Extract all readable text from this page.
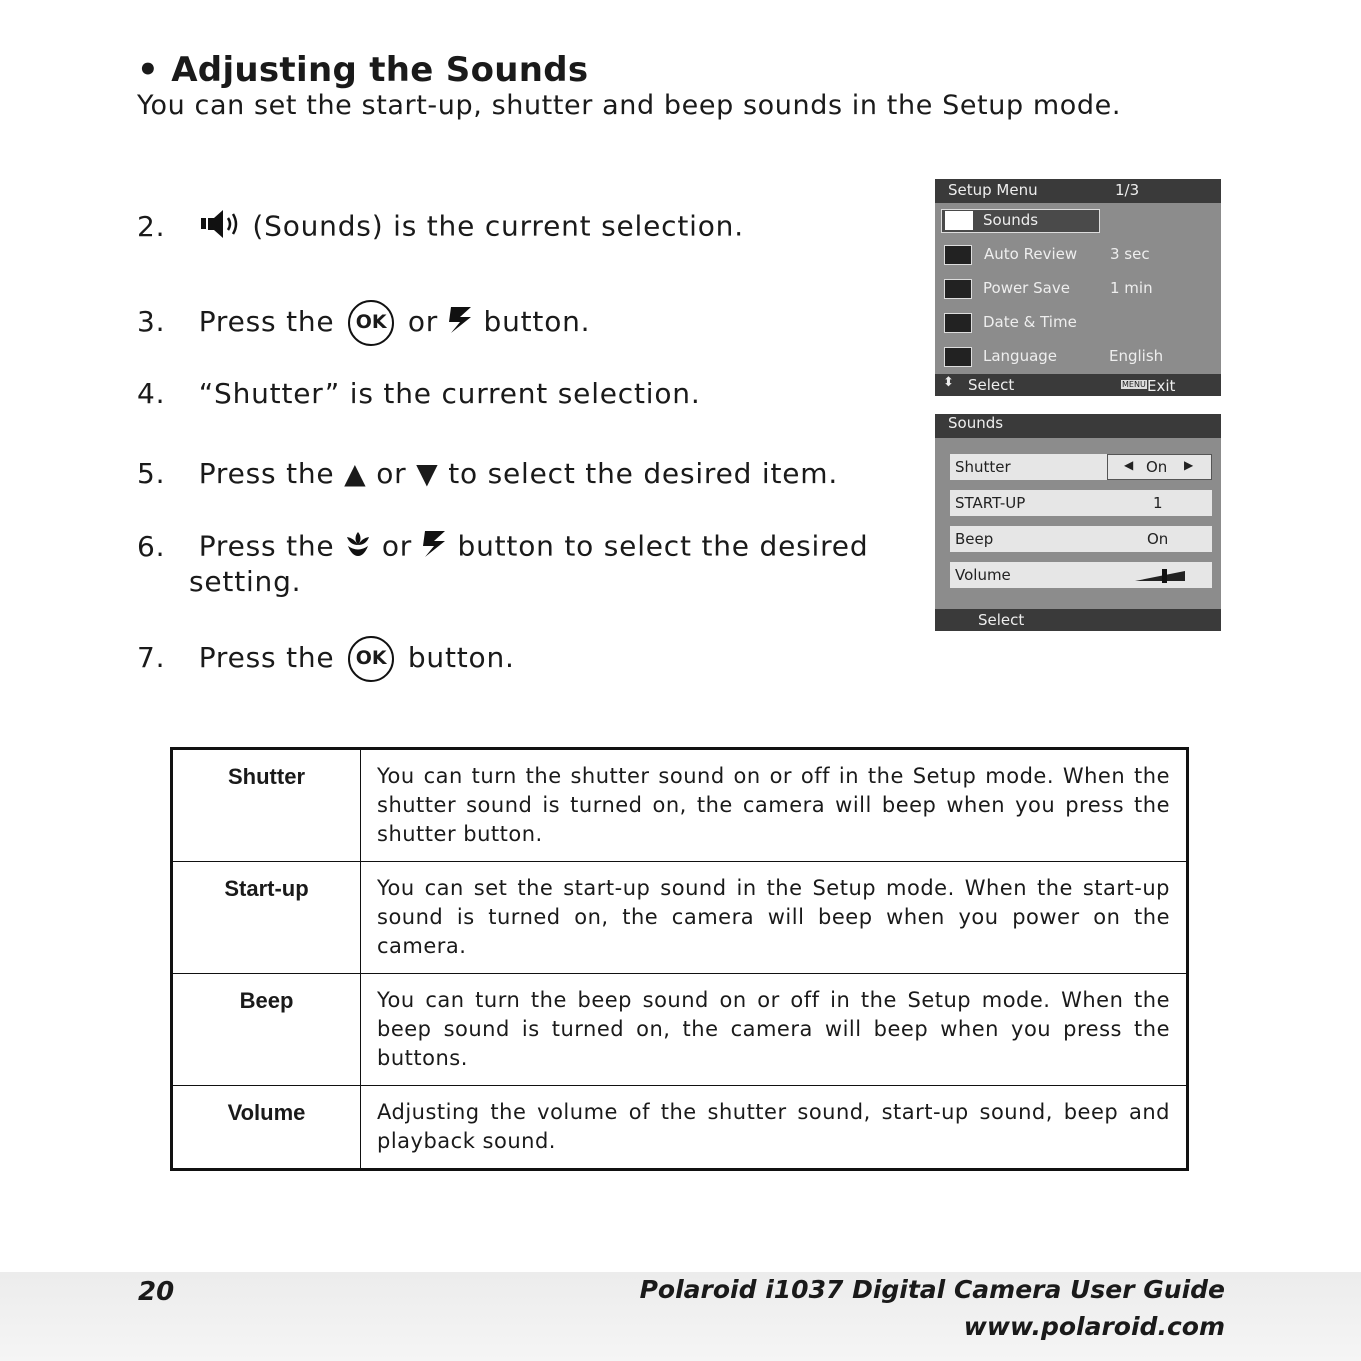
• Adjusting the Sounds
You can set the start-up, shutter and beep sounds in the Setup mode.
2.	(Sounds) is the current selection.
3. Press the OK or button.
4. “Shutter” is the current selection.
5. Press the ▲ or ▼ to select the desired item.
6. Press the or button to select the desired
setting.
7. Press the OK button.
Setup Menu	1/3
Sounds
Auto Review 3 sec
Power Save	1 min
Date & Time
Language	English
⬍ Select	MENU Exit
Sounds
Shutter	◀ On ▶
START-UP	1
Beep	On
Volume
Select
Shutter	You can turn the shutter sound on or off in the Setup mode. When the shutter sound is turned on, the camera will beep when you press the shutter button.
Start-up	You can set the start-up sound in the Setup mode. When the start-up sound is turned on, the camera will beep when you power on the camera.
Beep	You can turn the beep sound on or off in the Setup mode. When the beep sound is turned on, the camera will beep when you press the buttons.
Volume	Adjusting the volume of the shutter sound, start-up sound, beep and playback sound.
20	Polaroid i1037 Digital Camera User Guide
www.polaroid.com
